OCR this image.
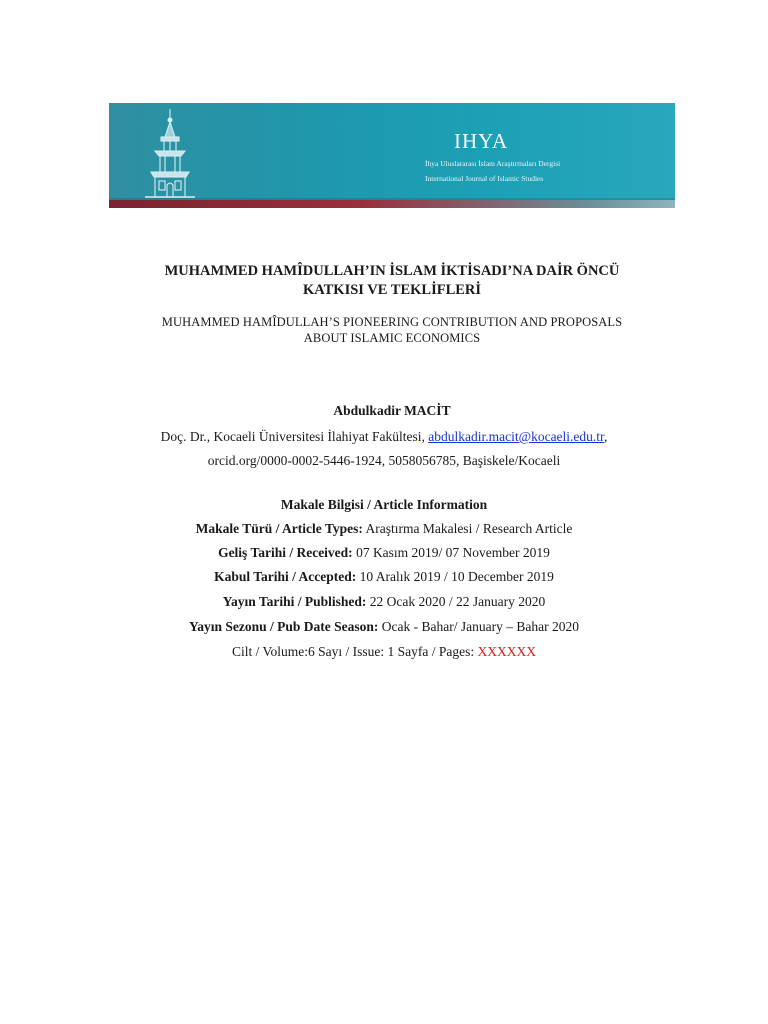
IHYA

İhya Uluslararası İslam Araştırmaları Dergisi

International Journal of Islamic Studies

MUHAMMED HAMÎDULLAH’IN İSLAM İKTİSADI’NA DAİR ÖNCÜ
KATKISI VE TEKLİFLERİ
MUHAMMED HAMÎDULLAH’S PIONEERING CONTRIBUTION AND PROPOSALS
ABOUT ISLAMIC ECONOMICS

Abdulkadir MACİT

Doç. Dr., Kocaeli Üniversitesi İlahiyat Fakültesi, abdulkadir.macit@kocaeli.edu.tr,

orcid.org/0000-0002-5446-1924, 5058056785, Başiskele/Kocaeli

Makale Bilgisi / Article Information

Makale Türü / Article Types: Araştırma Makalesi / Research Article

Geliş Tarihi / Received: 07 Kasım 2019/ 07 November 2019

Kabul Tarihi / Accepted: 10 Aralık 2019 / 10 December 2019

Yayın Tarihi / Published: 22 Ocak 2020 / 22 January 2020

Yayın Sezonu / Pub Date Season: Ocak - Bahar/ January – Bahar 2020

Cilt / Volume:6 Sayı / Issue: 1 Sayfa / Pages: XXXXXX
